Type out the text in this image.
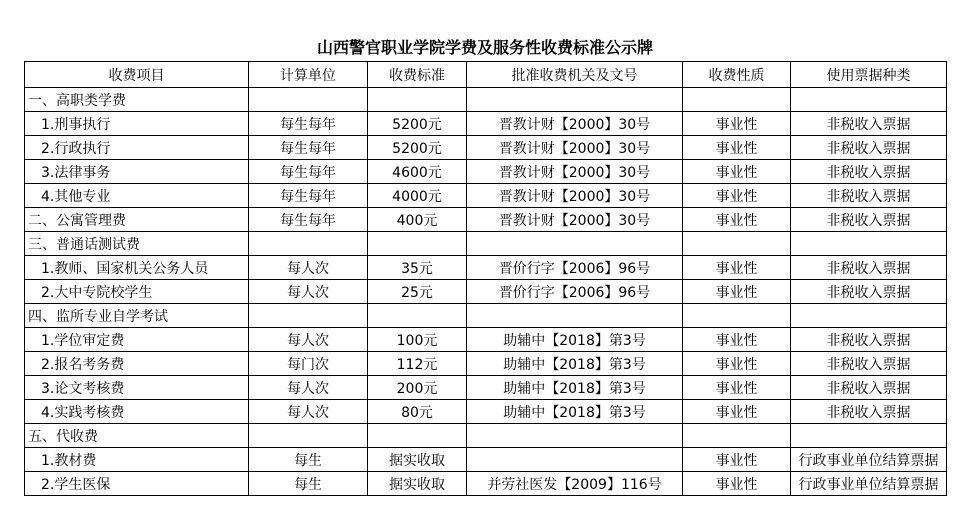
山西警官职业学院学费及服务性收费标准公示牌
收费项目	计算单位	收费标准	批准收费机关及文号	收费性质	使用票据种类
一、高职类学费					
1.刑事执行	每生每年	5200元	晋教计财【2000】30号	事业性	非税收入票据
2.行政执行	每生每年	5200元	晋教计财【2000】30号	事业性	非税收入票据
3.法律事务	每生每年	4600元	晋教计财【2000】30号	事业性	非税收入票据
4.其他专业	每生每年	4000元	晋教计财【2000】30号	事业性	非税收入票据
二、公寓管理费	每生每年	400元	晋教计财【2000】30号	事业性	非税收入票据
三、普通话测试费					
1.教师、国家机关公务人员	每人次	35元	晋价行字【2006】96号	事业性	非税收入票据
2.大中专院校学生	每人次	25元	晋价行字【2006】96号	事业性	非税收入票据
四、监所专业自学考试					
1.学位审定费	每人次	100元	助辅中【2018】第3号	事业性	非税收入票据
2.报名考务费	每门次	112元	助辅中【2018】第3号	事业性	非税收入票据
3.论文考核费	每人次	200元	助辅中【2018】第3号	事业性	非税收入票据
4.实践考核费	每人次	80元	助辅中【2018】第3号	事业性	非税收入票据
五、代收费					
1.教材费	每生	据实收取		事业性	行政事业单位结算票据
2.学生医保	每生	据实收取	并劳社医发【2009】116号	事业性	行政事业单位结算票据
